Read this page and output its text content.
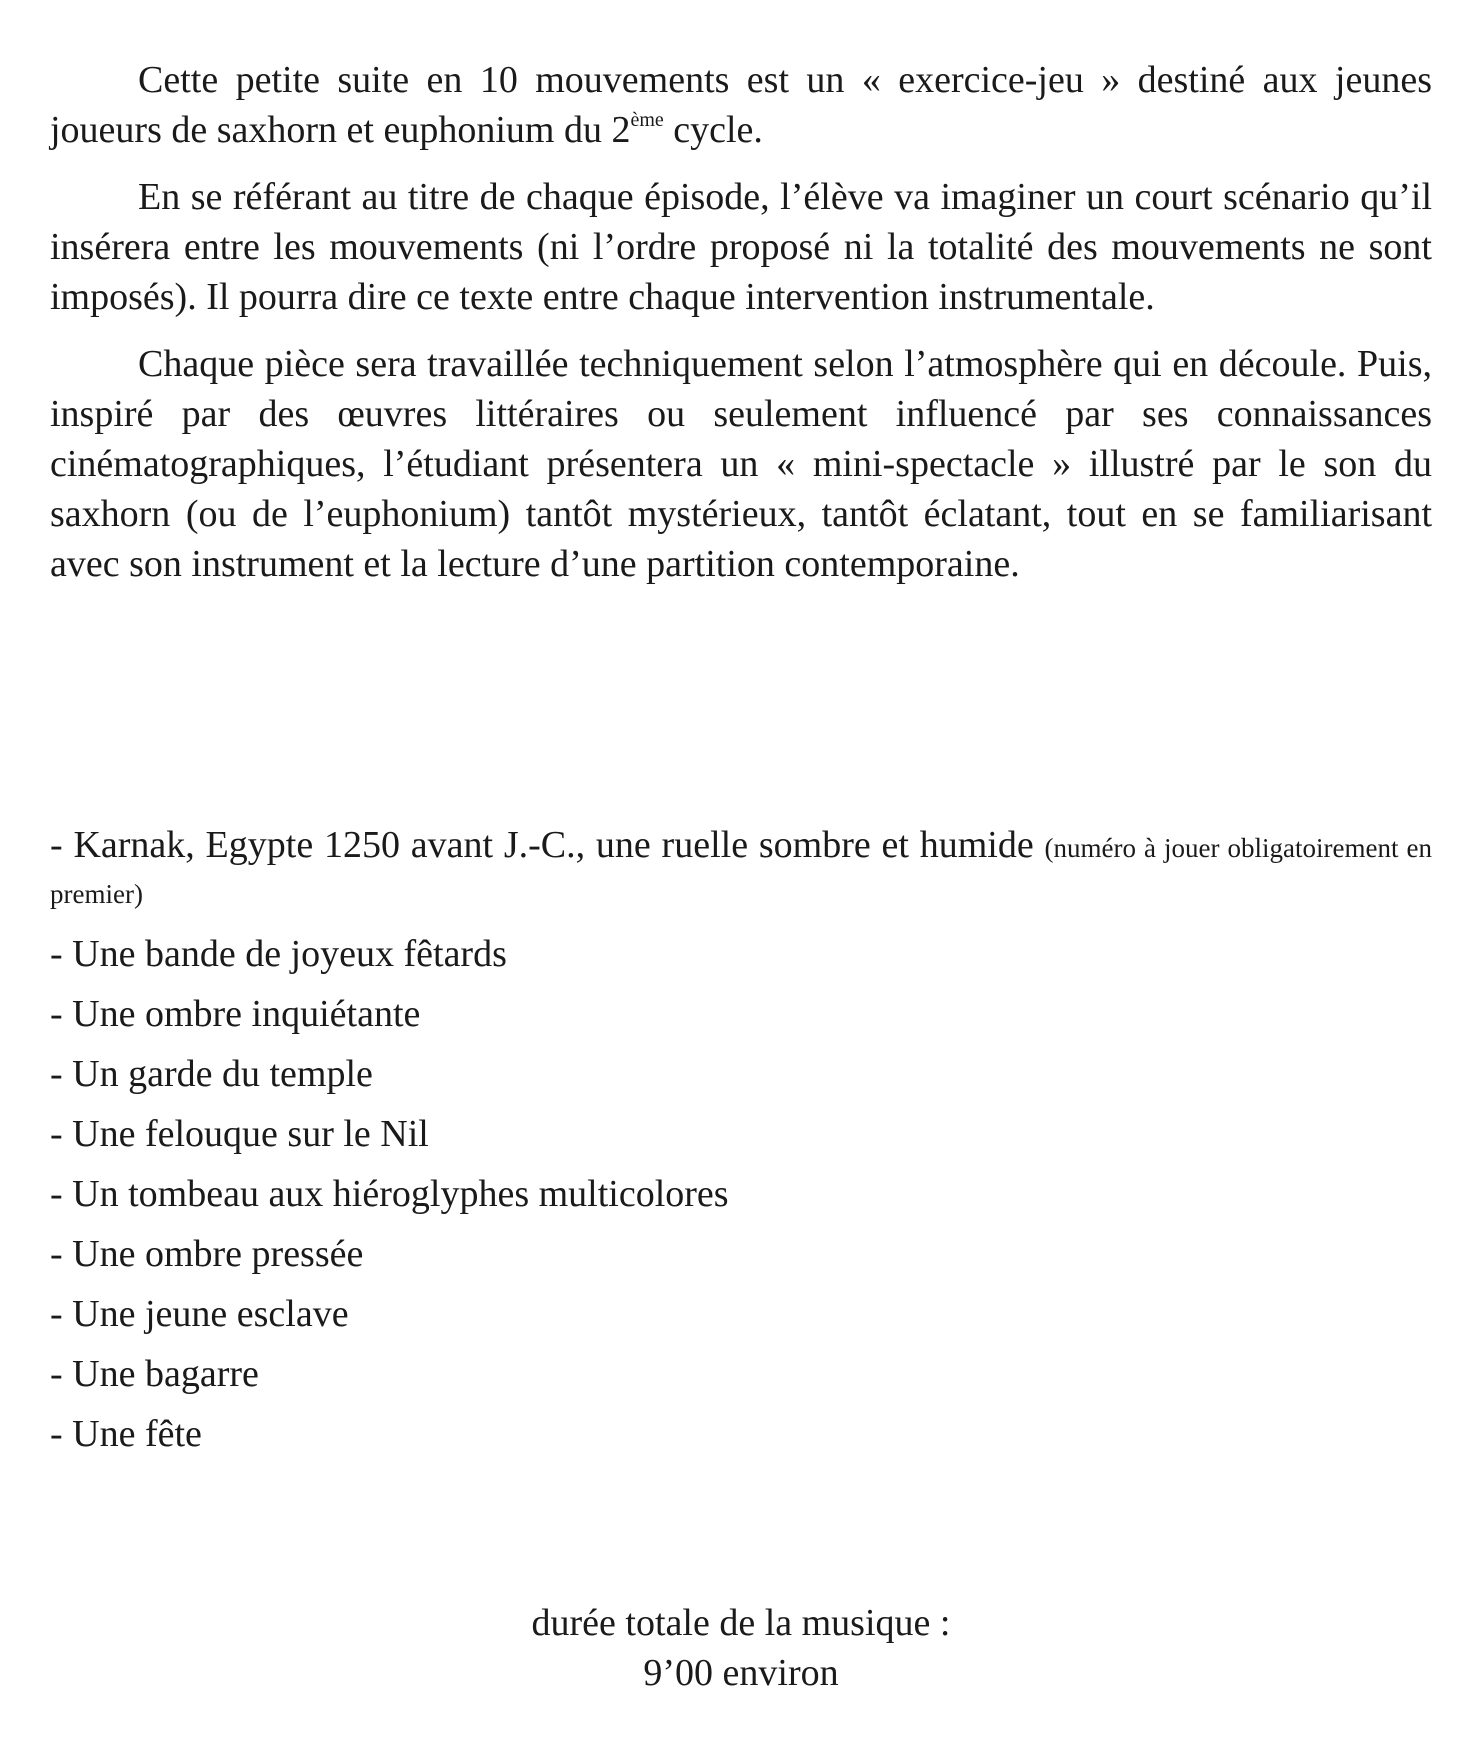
Cette petite suite en 10 mouvements est un « exercice-jeu » destiné aux jeunes joueurs de saxhorn et euphonium du 2ème cycle.

En se référant au titre de chaque épisode, l’élève va imaginer un court scénario qu’il insérera entre les mouvements (ni l’ordre proposé ni la totalité des mouvements ne sont imposés). Il pourra dire ce texte entre chaque intervention instrumentale.

Chaque pièce sera travaillée techniquement selon l’atmosphère qui en découle. Puis, inspiré par des œuvres littéraires ou seulement influencé par ses connaissances cinématographiques, l’étudiant présentera un « mini-spectacle » illustré par le son du saxhorn (ou de l’euphonium) tantôt mystérieux, tantôt éclatant, tout en se familiarisant avec son instrument et la lecture d’une partition contemporaine.

- Karnak, Egypte 1250 avant J.-C., une ruelle sombre et humide (numéro à jouer obligatoirement en premier)
- Une bande de joyeux fêtards
- Une ombre inquiétante
- Un garde du temple
- Une felouque sur le Nil
- Un tombeau aux hiéroglyphes multicolores
- Une ombre pressée
- Une jeune esclave
- Une bagarre
- Une fête
durée totale de la musique :
9’00 environ
